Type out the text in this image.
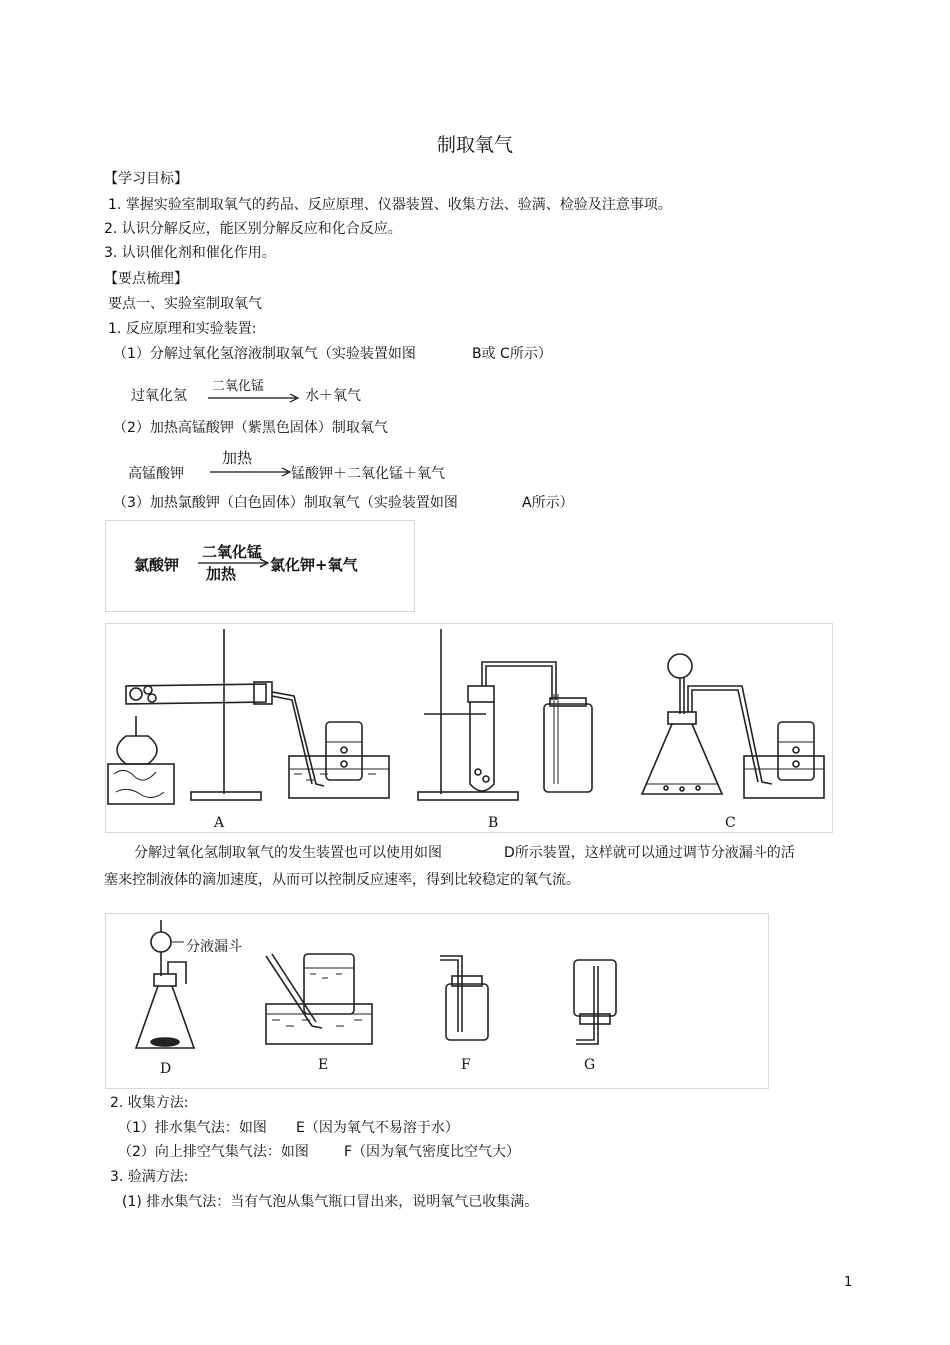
制取氧气
【学习目标】
1. 掌握实验室制取氧气的药品、反应原理、仪器装置、收集方法、验满、检验及注意事项。
2. 认识分解反应，能区别分解反应和化合反应。
3. 认识催化剂和催化作用。
【要点梳理】
要点一、实验室制取氧气
1. 反应原理和实验装置:
（1）分解过氧化氢溶液制取氧气（实验装置如图	B或 C所示）
过氧化氢
二氧化锰
水＋氧气
（2）加热高锰酸钾（紫黑色固体）制取氧气
高锰酸钾
加热
锰酸钾＋二氧化锰＋氧气
（3）加热氯酸钾（白色固体）制取氧气（实验装置如图	A所示）
氯酸钾
二氧化锰
加热 氯化钾+氧气
A	B	C
分解过氧化氢制取氧气的发生装置也可以使用如图	D所示装置，这样就可以通过调节分液漏斗的活
塞来控制液体的滴加速度，从而可以控制反应速率，得到比较稳定的氧气流。
分液漏斗
D	E	F	G
2. 收集方法:
（1）排水集气法：如图 E（因为氧气不易溶于水）
（2）向上排空气集气法：如图	F（因为氧气密度比空气大）
3. 验满方法:
(1) 排水集气法：当有气泡从集气瓶口冒出来，说明氧气已收集满。
1
